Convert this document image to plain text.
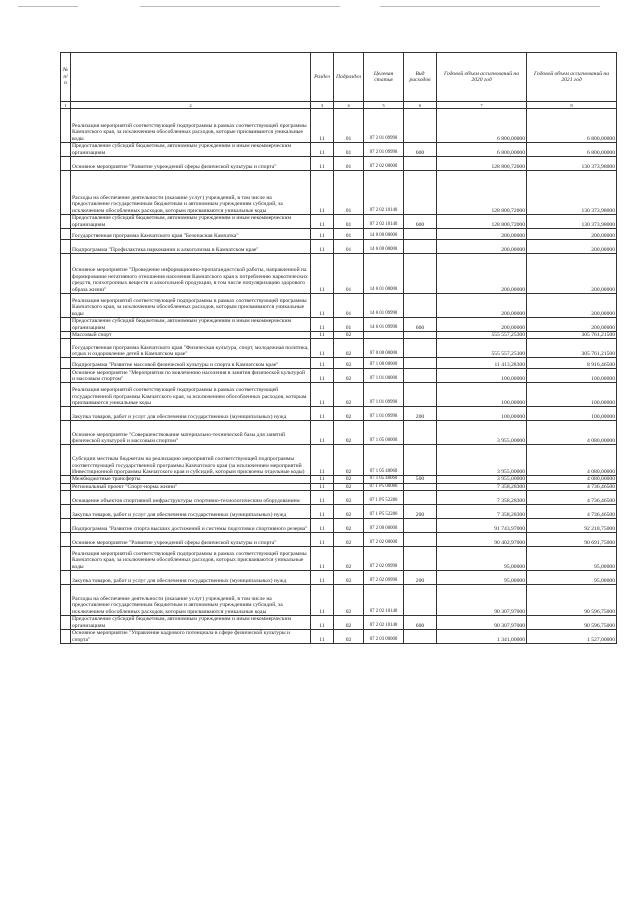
№ п/п		Раздел	Подраздел	Целевая статья	Вид расходов	Годовой объем ассигнований на 2020 год	Годовой объем ассигнований на 2021 год
1	2	3	4	5	6	7	8
	Реализация мероприятий соответствующей подпрограммы в рамках соответствующей программы Камчатского края, за исключением обособленных расходов, которые присваиваются уникальные коды	11	01	07 2 01 09990		6 800,00000	6 800,00000
	Предоставление субсидий бюджетным, автономным учреждениям и иным некоммерческим организациям	11	01	07 2 01 09990	600	6 800,00000	6 800,00000
	Основное мероприятие "Развитие учреждений сферы физической культуры и спорта"	11	01	07 2 02 00000		128 800,72000	130 373,98000
	Расходы на обеспечение деятельности (оказание услуг) учреждений, в том числе на предоставление государственным бюджетным и автономным учреждениям субсидий, за исключением обособленных расходов, которым присваиваются уникальные коды	11	01	07 2 02 10140		128 800,72000	130 373,98000
	Предоставление субсидий бюджетным, автономным учреждениям и иным некоммерческим организациям	11	01	07 2 02 10140	600	128 800,72000	130 373,98000
	Государственная программа Камчатского края "Безопасная Камчатка"	11	01	14 0 00 00000		200,00000	200,00000
	Подпрограмма "Профилактика наркомании и алкоголизма в Камчатском крае"	11	01	14 6 00 00000		200,00000	200,00000
	Основное мероприятие "Проведение информационно-пропагандистской работы, направленной на формирование негативного отношения населения Камчатского края к потреблению наркотических средств, психотропных веществ и алкогольной продукции, в том числе популяризацию здорового образа жизни"	11	01	14 6 01 00000		200,00000	200,00000
	Реализация мероприятий соответствующей подпрограммы в рамках соответствующей программы Камчатского края, за исключением обособленных расходов, которым присваиваются уникальные коды	11	01	14 6 01 09990		200,00000	200,00000
	Предоставление субсидий бюджетным, автономным учреждениям и иным некоммерческим организациям	11	01	14 6 01 09990	600	200,00000	200,00000
	Массовый спорт	11	02			555 557,25300	305 761,21500
	Государственная программа Камчатского края "Физическая культура, спорт, молодежная политика, отдых и оздоровление детей в Камчатском крае"	11	02	07 0 00 00000		555 557,25300	305 761,21500
	Подпрограмма "Развитие массовой физической культуры и спорта в Камчатском крае"	11	02	07 1 00 00000		11 413,28300	8 916,46500
	Основное мероприятие "Мероприятия по вовлечению населения в занятия физической культурой и массовым спортом"	11	02	07 1 01 00000		100,00000	100,00000
	Реализация мероприятий соответствующей подпрограммы в рамках соответствующей государственной программы Камчатского края, за исключением обособленных расходов, которым присваиваются уникальные коды	11	02	07 1 01 09990		100,00000	100,00000
	Закупка товаров, работ и услуг для обеспечения государственных (муниципальных) нужд	11	02	07 1 01 09990	200	100,00000	100,00000
	Основное мероприятие "Совершенствование материально-технической базы для занятий физической культурой и массовым спортом"	11	02	07 1 05 00000		3 955,00000	4 080,00000
	Субсидии местным бюджетам на реализацию мероприятий соответствующей подпрограммы соответствующей государственной программы Камчатского края (за исключением мероприятий Инвестиционной программы Камчатского края и субсидий, которым присвоены отдельные коды)	11	02	07 1 05 40060		3 955,00000	4 080,00000
	Межбюджетные трансферты	11	02	07 1 05 40060	500	3 955,00000	4 080,00000
	Региональный проект "Спорт-норма жизни"	11	02	07 1 P5 00000		7 358,28300	4 736,46500
	Оснащение объектов спортивной инфраструктуры спортивно-технологическим оборудованием	11	02	07 1 P5 52280		7 358,28300	4 736,46500
	Закупка товаров, работ и услуг для обеспечения государственных (муниципальных) нужд	11	02	07 1 P5 52280	200	7 358,28300	4 736,46500
	Подпрограмма "Развитие спорта высших достижений и системы подготовки спортивного резерва"	11	02	07 2 00 00000		91 743,97000	92 218,75000
	Основное мероприятие "Развитие учреждений сферы физической культуры и спорта"	11	02	07 2 02 00000		90 402,97000	90 691,75000
	Реализация мероприятий соответствующей подпрограммы в рамках соответствующей программы Камчатского края, за исключением обособленных расходов, которых присваиваются уникальные коды	11	02	07 2 02 09990		95,00000	95,00000
	Закупка товаров, работ и услуг для обеспечения государственных (муниципальных) нужд	11	02	07 2 02 09990	200	95,00000	95,00000
	Расходы на обеспечение деятельности (оказание услуг) учреждений, в том числе на предоставление государственным бюджетным и автономным учреждениям субсидий, за исключением обособленных расходов, которым присваиваются уникальные коды	11	02	07 2 02 10140		90 307,97000	90 596,75000
	Предоставление субсидий бюджетным, автономным учреждениям и иным некоммерческим организациям	11	02	07 2 02 10140	600	90 307,97000	90 596,75000
	Основное мероприятие "Управление кадрового потенциала в сфере физической культуры и спорта"	11	02	07 2 03 00000		1 341,00000	1 527,00000
